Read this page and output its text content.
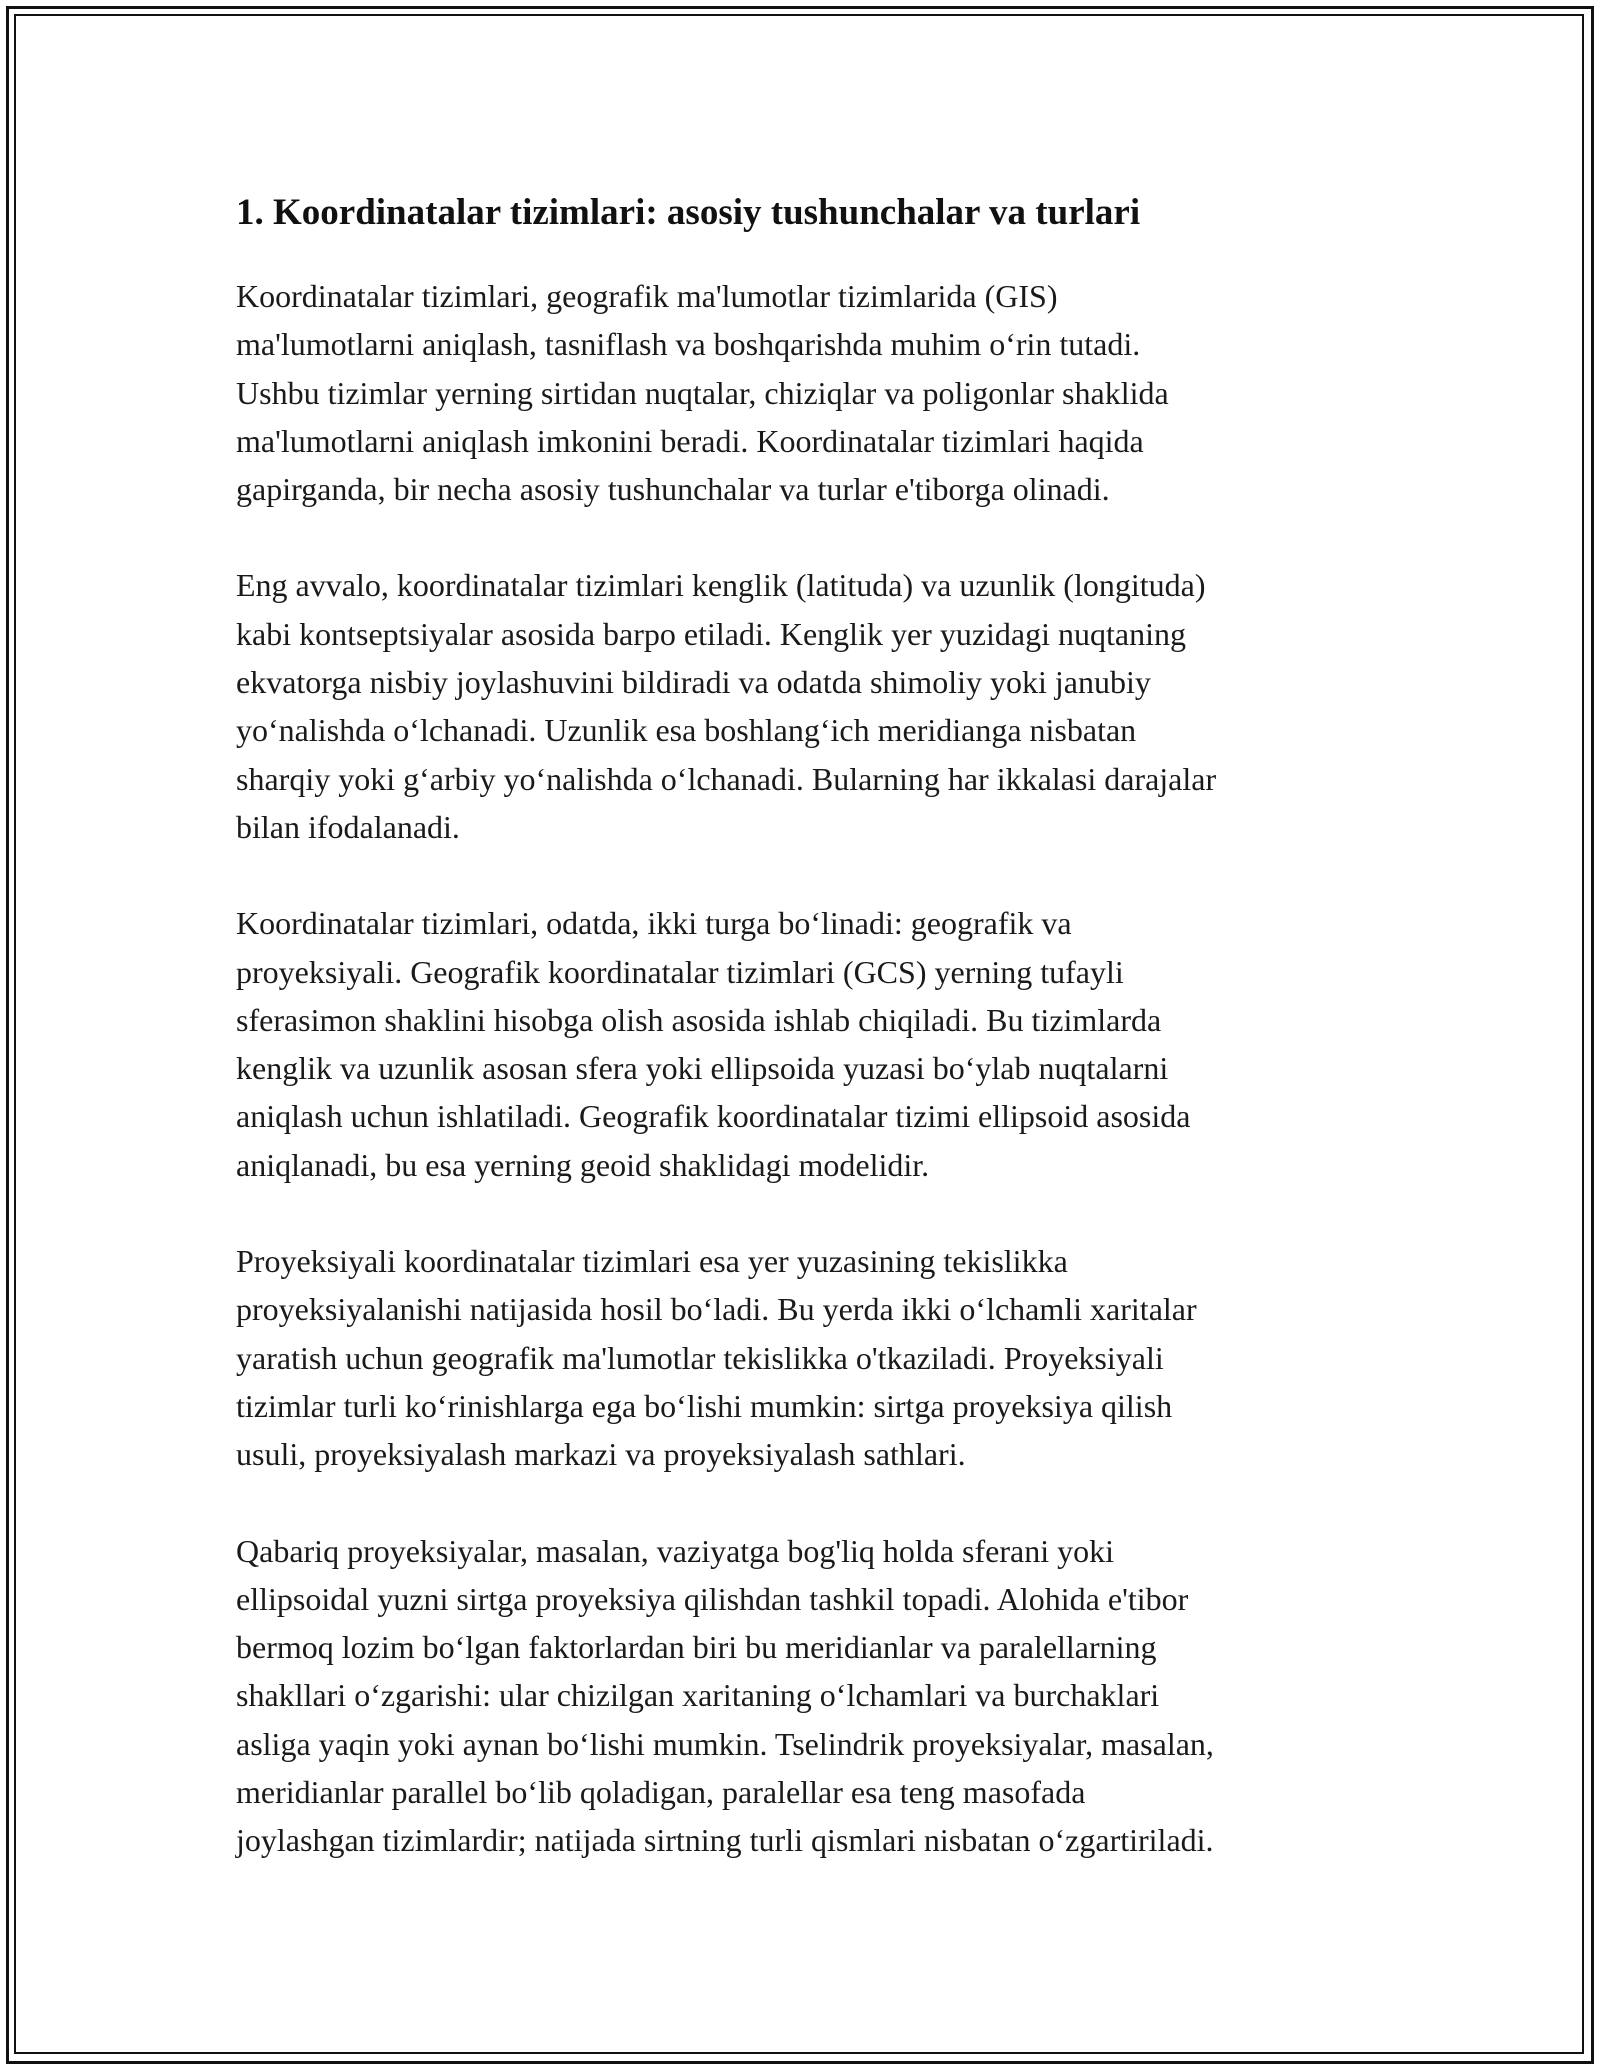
1. Koordinatalar tizimlari: asosiy tushunchalar va turlari

Koordinatalar tizimlari, geografik ma'lumotlar tizimlarida (GIS)
ma'lumotlarni aniqlash, tasniflash va boshqarishda muhim o‘rin tutadi.
Ushbu tizimlar yerning sirtidan nuqtalar, chiziqlar va poligonlar shaklida
ma'lumotlarni aniqlash imkonini beradi. Koordinatalar tizimlari haqida
gapirganda, bir necha asosiy tushunchalar va turlar e'tiborga olinadi.

Eng avvalo, koordinatalar tizimlari kenglik (latituda) va uzunlik (longituda)
kabi kontseptsiyalar asosida barpo etiladi. Kenglik yer yuzidagi nuqtaning
ekvatorga nisbiy joylashuvini bildiradi va odatda shimoliy yoki janubiy
yo‘nalishda o‘lchanadi. Uzunlik esa boshlang‘ich meridianga nisbatan
sharqiy yoki g‘arbiy yo‘nalishda o‘lchanadi. Bularning har ikkalasi darajalar
bilan ifodalanadi.

Koordinatalar tizimlari, odatda, ikki turga bo‘linadi: geografik va
proyeksiyali. Geografik koordinatalar tizimlari (GCS) yerning tufayli
sferasimon shaklini hisobga olish asosida ishlab chiqiladi. Bu tizimlarda
kenglik va uzunlik asosan sfera yoki ellipsoida yuzasi bo‘ylab nuqtalarni
aniqlash uchun ishlatiladi. Geografik koordinatalar tizimi ellipsoid asosida
aniqlanadi, bu esa yerning geoid shaklidagi modelidir.

Proyeksiyali koordinatalar tizimlari esa yer yuzasining tekislikka
proyeksiyalanishi natijasida hosil bo‘ladi. Bu yerda ikki o‘lchamli xaritalar
yaratish uchun geografik ma'lumotlar tekislikka o'tkaziladi. Proyeksiyali
tizimlar turli ko‘rinishlarga ega bo‘lishi mumkin: sirtga proyeksiya qilish
usuli, proyeksiyalash markazi va proyeksiyalash sathlari.

Qabariq proyeksiyalar, masalan, vaziyatga bog'liq holda sferani yoki
ellipsoidal yuzni sirtga proyeksiya qilishdan tashkil topadi. Alohida e'tibor
bermoq lozim bo‘lgan faktorlardan biri bu meridianlar va paralellarning
shakllari o‘zgarishi: ular chizilgan xaritaning o‘lchamlari va burchaklari
asliga yaqin yoki aynan bo‘lishi mumkin. Tselindrik proyeksiyalar, masalan,
meridianlar parallel bo‘lib qoladigan, paralellar esa teng masofada
joylashgan tizimlardir; natijada sirtning turli qismlari nisbatan o‘zgartiriladi.
